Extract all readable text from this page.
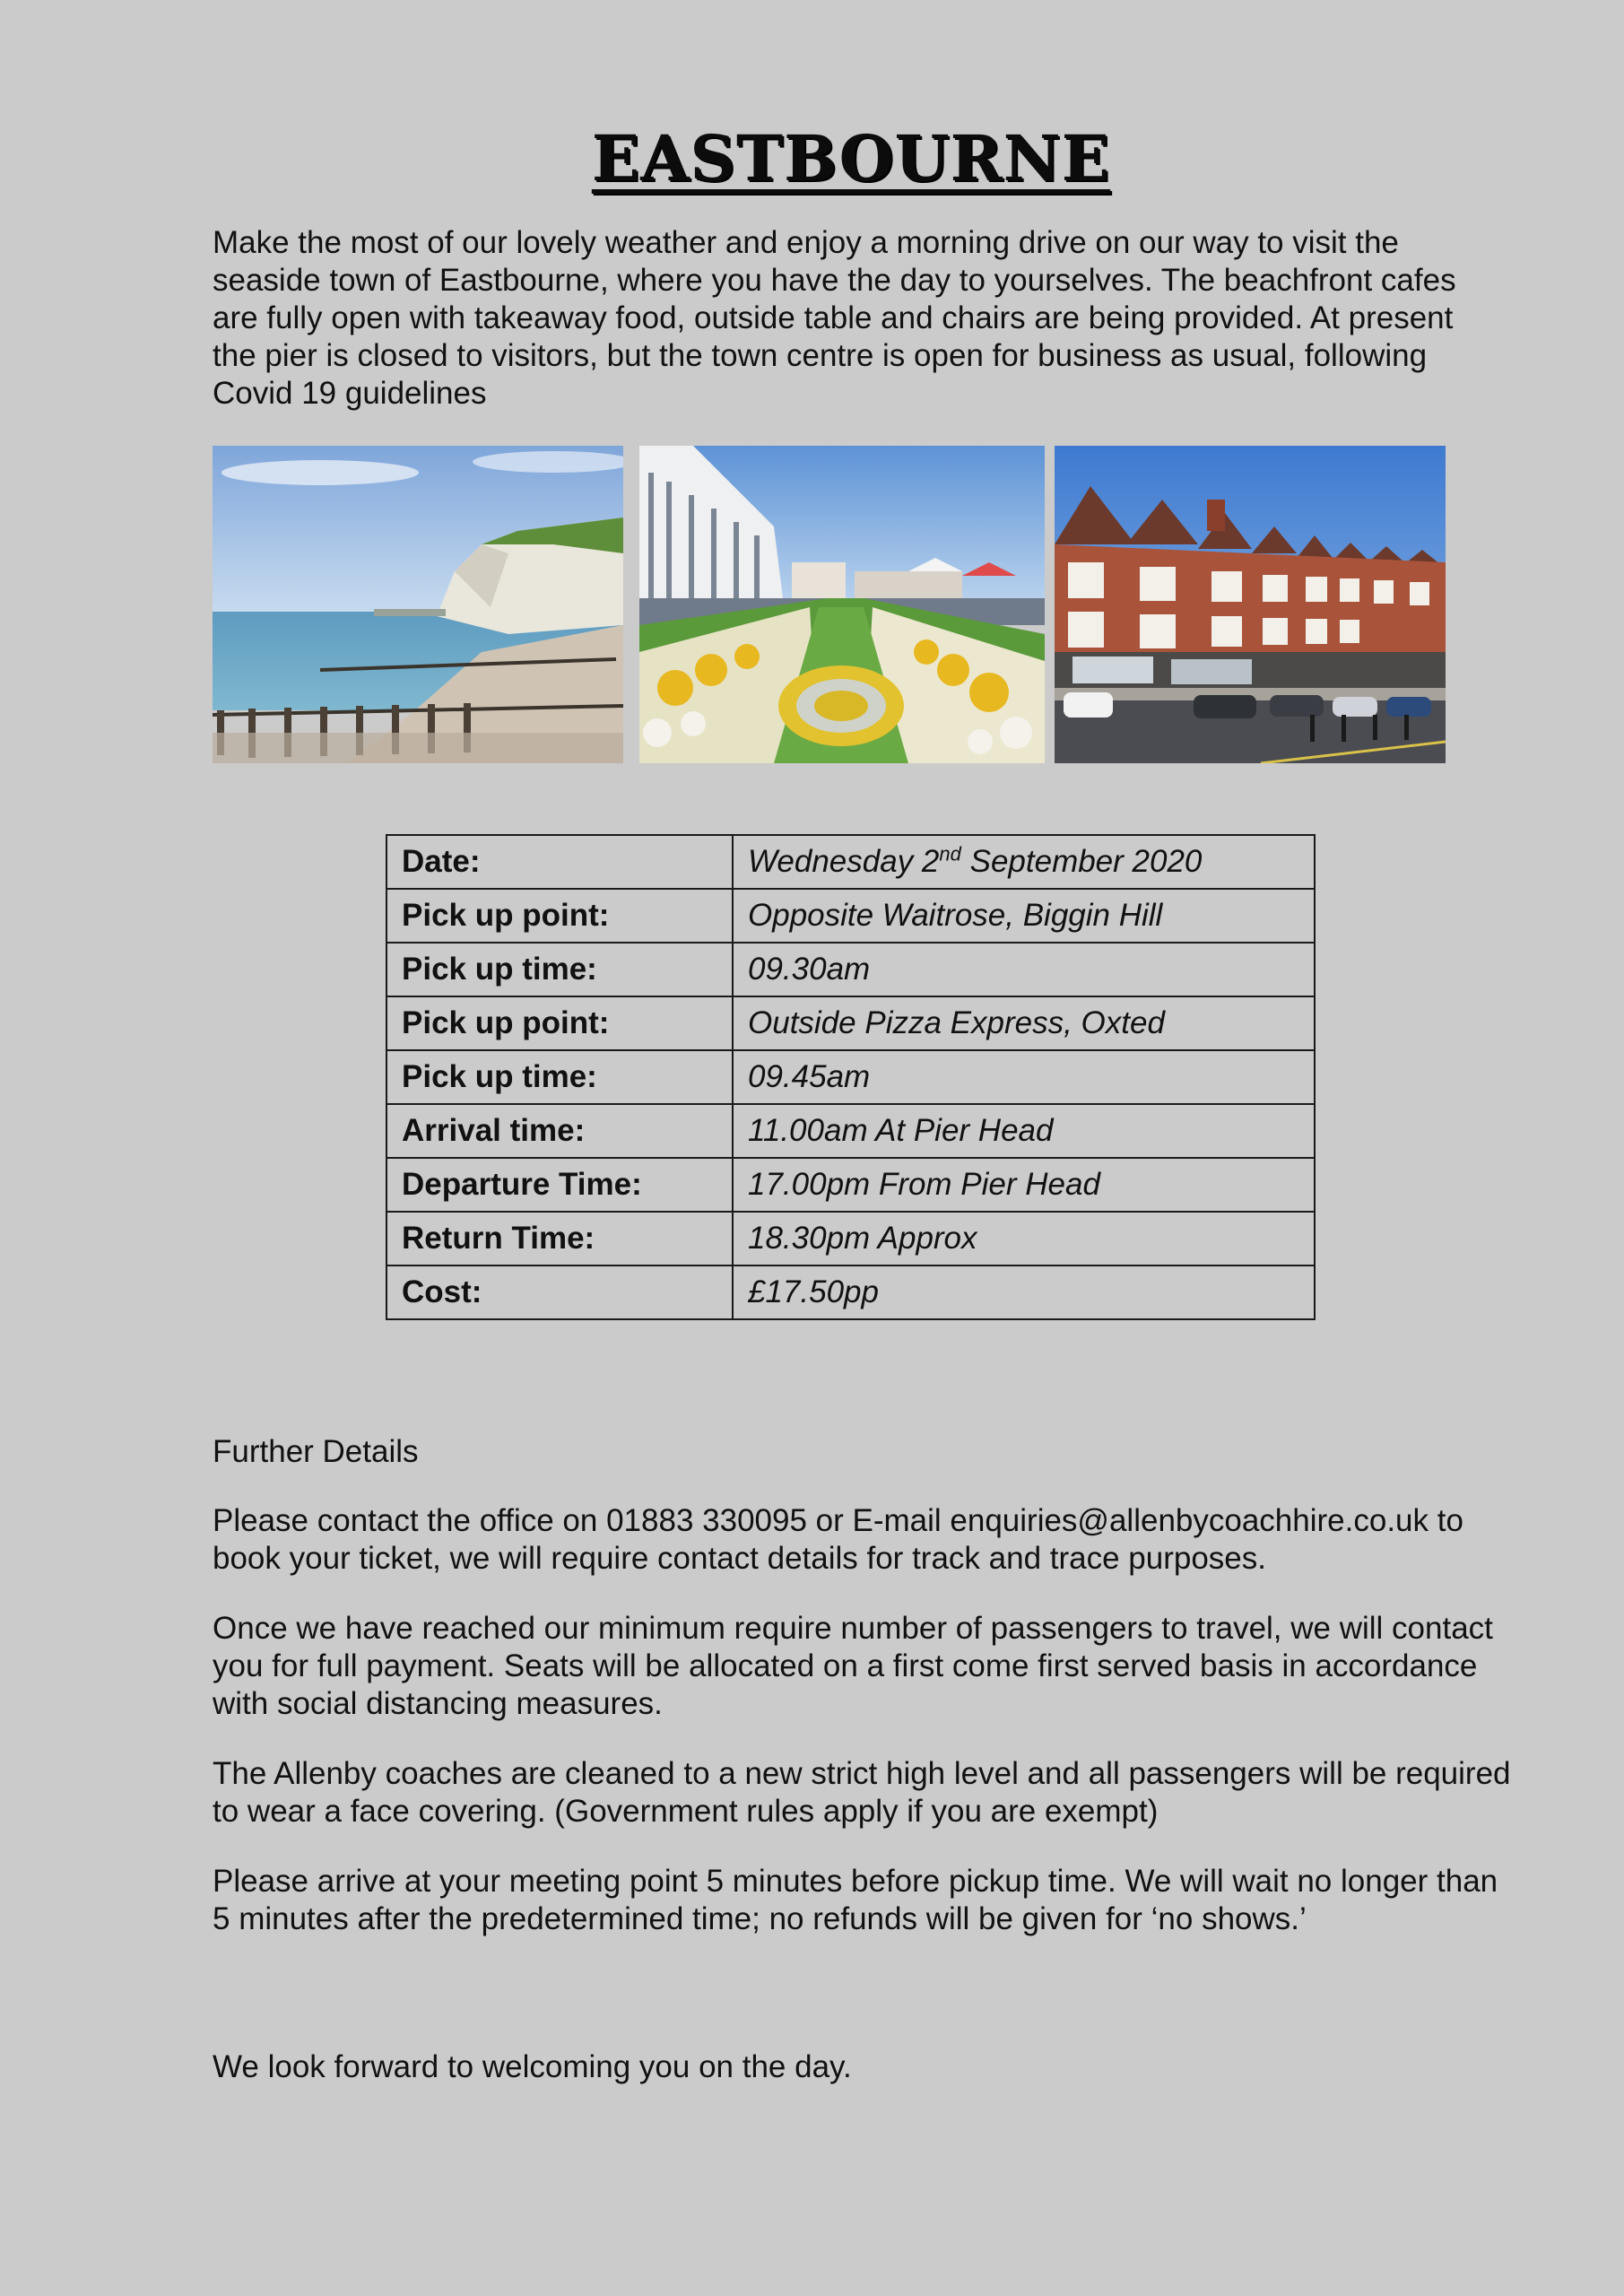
EASTBOURNE

Make the most of our lovely weather and enjoy a morning drive on our way to visit the seaside town of Eastbourne, where you have the day to yourselves. The beachfront cafes are fully open with takeaway food, outside table and chairs are being provided. At present the pier is closed to visitors, but the town centre is open for business as usual, following Covid 19 guidelines

Date:	Wednesday 2nd September 2020
Pick up point:	Opposite Waitrose, Biggin Hill
Pick up time:	09.30am
Pick up point:	Outside Pizza Express, Oxted
Pick up time:	09.45am
Arrival time:	11.00am At Pier Head
Departure Time:	17.00pm From Pier Head
Return Time:	18.30pm Approx
Cost:	£17.50pp

Further Details

Please contact the office on 01883 330095 or E-mail enquiries@allenbycoachhire.co.uk to book your ticket, we will require contact details for track and trace purposes.

Once we have reached our minimum require number of passengers to travel, we will contact you for full payment. Seats will be allocated on a first come first served basis in accordance with social distancing measures.

The Allenby coaches are cleaned to a new strict high level and all passengers will be required to wear a face covering. (Government rules apply if you are exempt)

Please arrive at your meeting point 5 minutes before pickup time. We will wait no longer than 5 minutes after the predetermined time; no refunds will be given for ‘no shows.’

We look forward to welcoming you on the day.
